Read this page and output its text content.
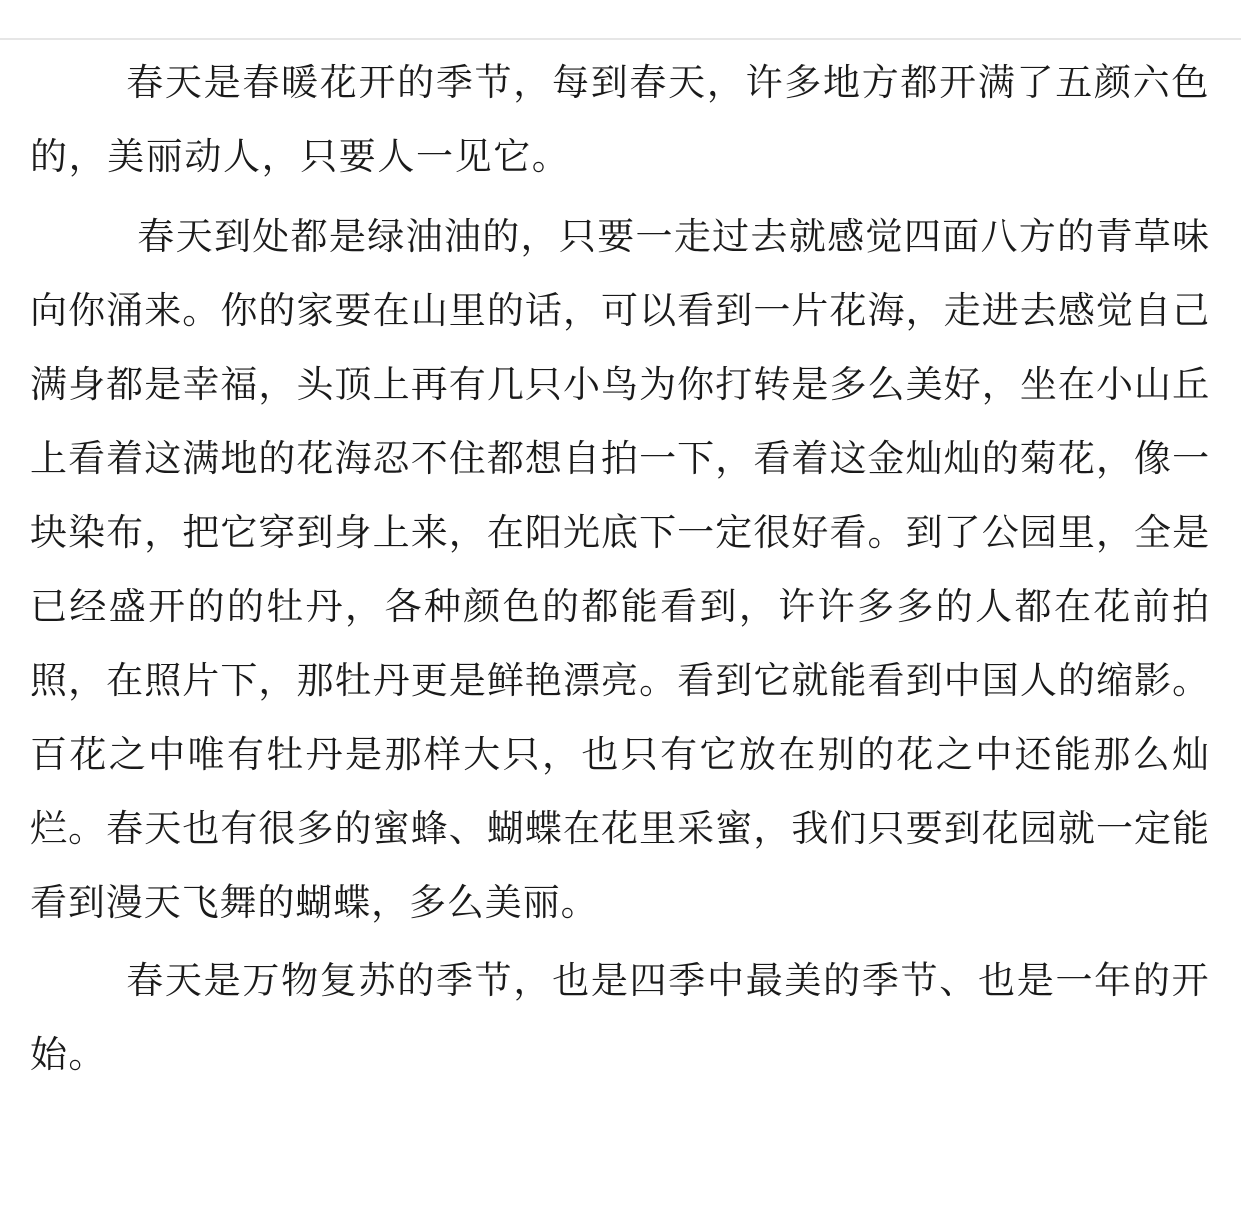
春天是春暖花开的季节，每到春天，许多地方都开满了五颜六色的，美丽动人，只要人一见它。

春天到处都是绿油油的，只要一走过去就感觉四面八方的青草味向你涌来。你的家要在山里的话，可以看到一片花海，走进去感觉自己满身都是幸福，头顶上再有几只小鸟为你打转是多么美好，坐在小山丘上看着这满地的花海忍不住都想自拍一下，看着这金灿灿的菊花，像一块染布，把它穿到身上来，在阳光底下一定很好看。到了公园里，全是已经盛开的的牡丹，各种颜色的都能看到，许许多多的人都在花前拍照，在照片下，那牡丹更是鲜艳漂亮。看到它就能看到中国人的缩影。百花之中唯有牡丹是那样大只，也只有它放在别的花之中还能那么灿烂。春天也有很多的蜜蜂、蝴蝶在花里采蜜，我们只要到花园就一定能看到漫天飞舞的蝴蝶，多么美丽。

春天是万物复苏的季节，也是四季中最美的季节、也是一年的开始。
